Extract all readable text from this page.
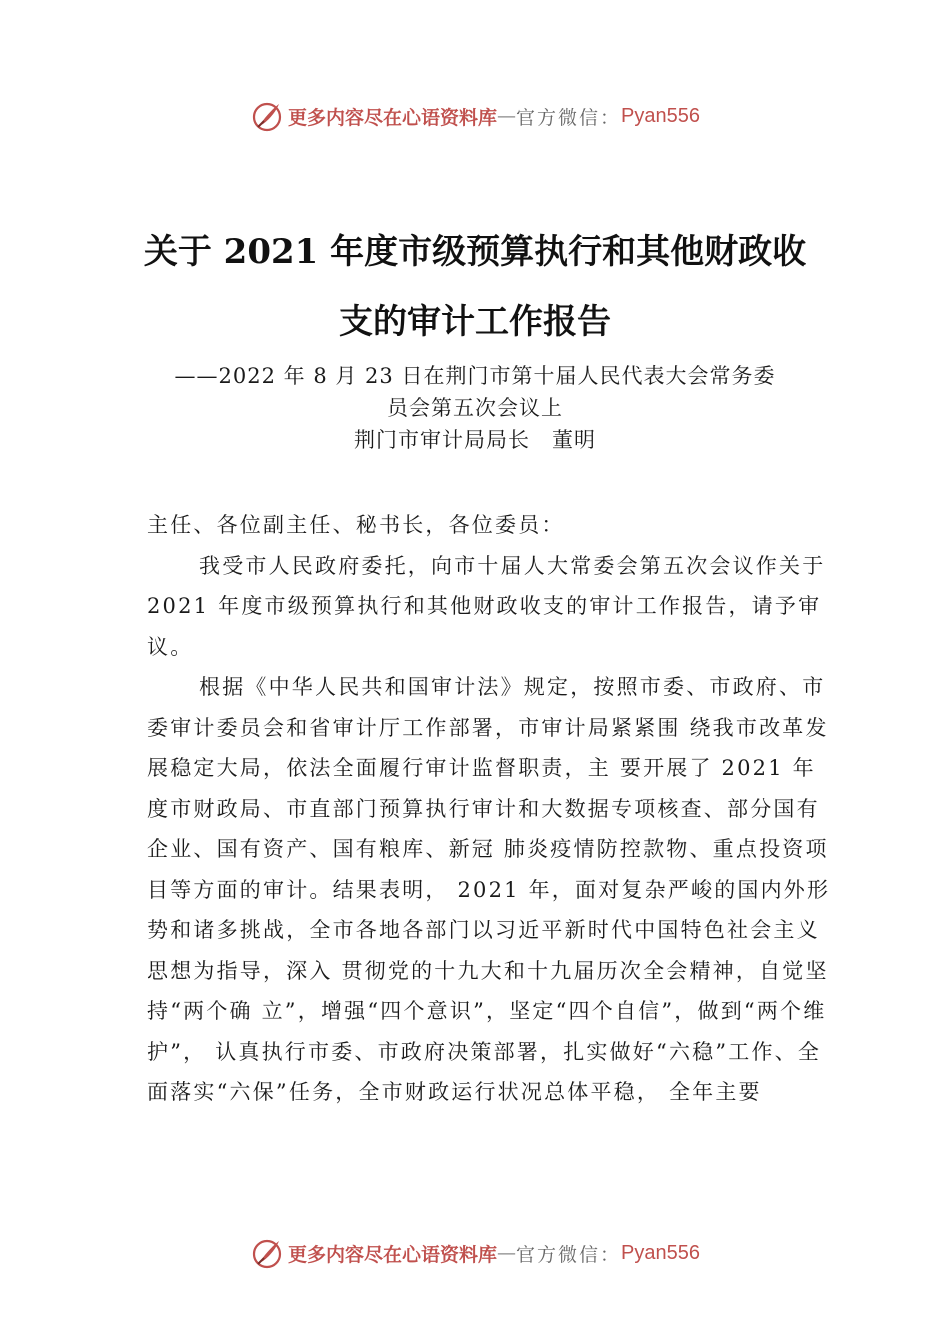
更多内容尽在心语资料库 — 官方微信： Pyan556
关于 2021 年度市级预算执行和其他财政收
支的审计工作报告
——2022 年 8 月 23 日在荆门市第十届人民代表大会常务委
员会第五次会议上
荆门市审计局局长　董明

主任、各位副主任、秘书长，各位委员：

我受市人民政府委托，向市十届人大常委会第五次会议作关于 2021 年度市级预算执行和其他财政收支的审计工作报告，请予审议。

根据《中华人民共和国审计法》规定，按照市委、市政府、市委审计委员会和省审计厅工作部署，市审计局紧紧围 绕我市改革发展稳定大局，依法全面履行审计监督职责，主 要开展了 2021 年度市财政局、市直部门预算执行审计和大数据专项核查、部分国有企业、国有资产、国有粮库、新冠 肺炎疫情防控款物、重点投资项目等方面的审计。结果表明， 2021 年，面对复杂严峻的国内外形势和诸多挑战，全市各地各部门以习近平新时代中国特色社会主义思想为指导，深入 贯彻党的十九大和十九届历次全会精神，自觉坚持“两个确 立”，增强“四个意识”，坚定“四个自信”，做到“两个维护”， 认真执行市委、市政府决策部署，扎实做好“六稳”工作、全 面落实“六保”任务，全市财政运行状况总体平稳， 全年主要

更多内容尽在心语资料库 — 官方微信： Pyan556
